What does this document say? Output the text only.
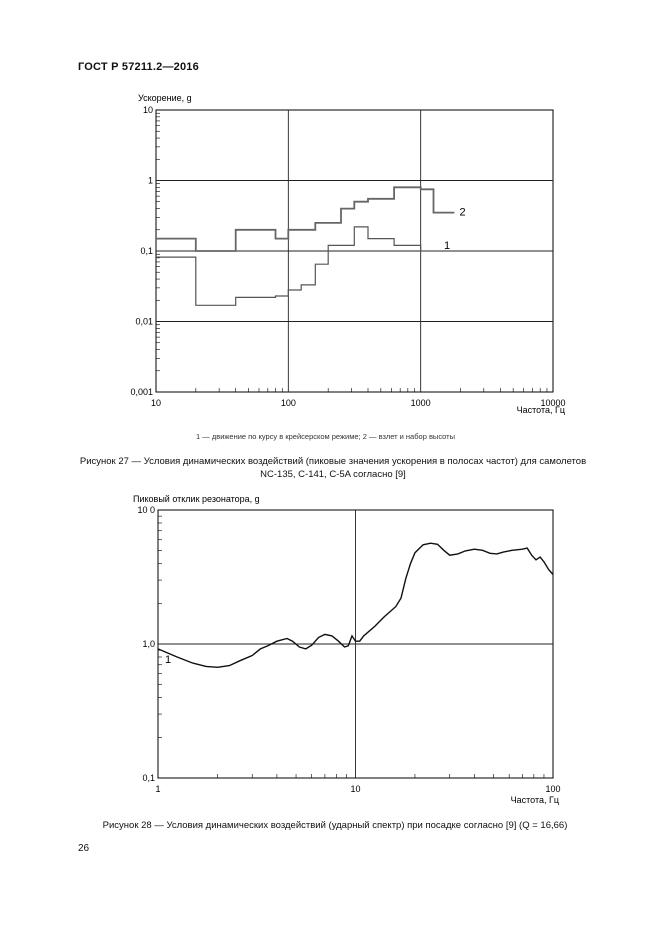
ГОСТ Р 57211.2—2016
Ускорение, g
Частота, Гц
10	100	1000	10000
0,001
0,01
0,1
1
10
1
2
1 — движение по курсу в крейсерском режиме; 2 — взлет и набор высоты
Рисунок 27 — Условия динамических воздействий (пиковые значения ускорения в полосах частот) для самолетов
NC-135, C-141, C-5A согласно [9]
Пиковый отклик резонатора, g
Частота, Гц
1	10	100
0,1
1,0
10 0
1
Рисунок 28 — Условия динамических воздействий (ударный спектр) при посадке согласно [9] (Q = 16,66)
26
